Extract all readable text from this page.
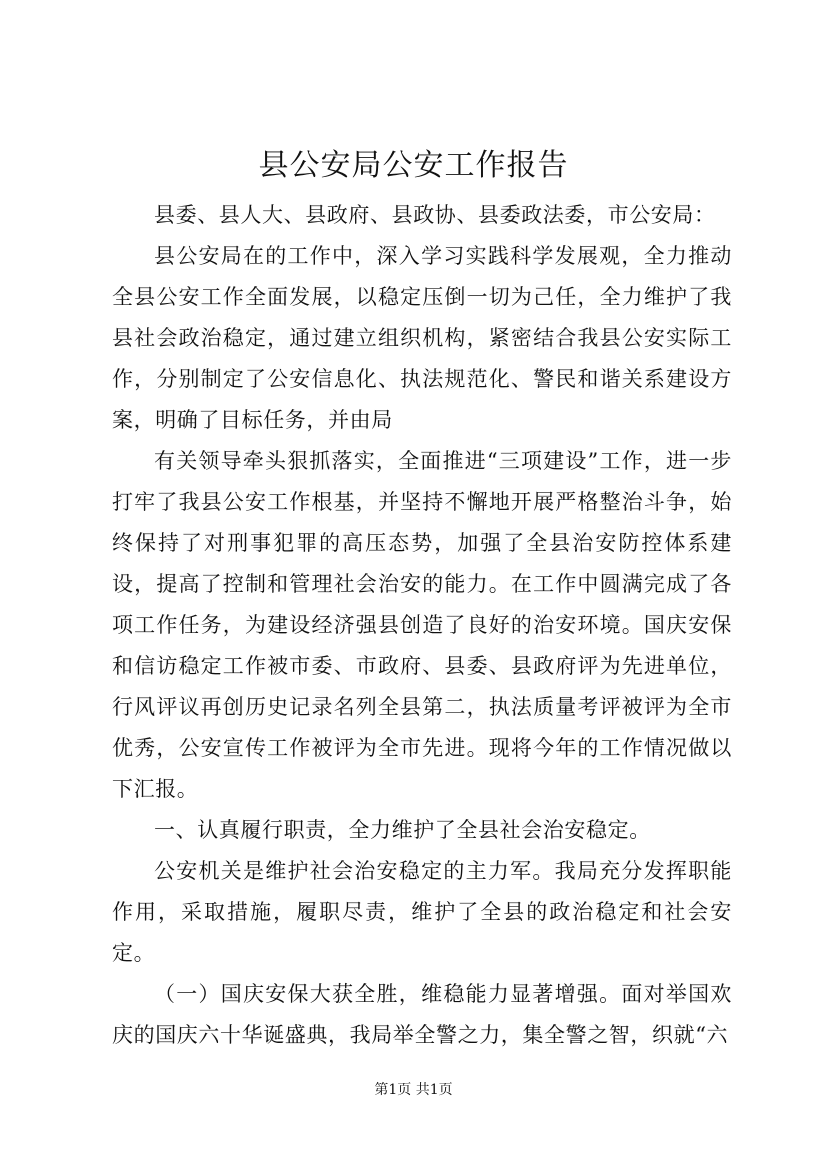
县公安局公安工作报告

县委、县人大、县政府、县政协、县委政法委，市公安局：

县公安局在的工作中，深入学习实践科学发展观，全力推动全县公安工作全面发展，以稳定压倒一切为己任，全力维护了我县社会政治稳定，通过建立组织机构，紧密结合我县公安实际工作，分别制定了公安信息化、执法规范化、警民和谐关系建设方案，明确了目标任务，并由局

有关领导牵头狠抓落实，全面推进“三项建设”工作，进一步打牢了我县公安工作根基，并坚持不懈地开展严格整治斗争，始终保持了对刑事犯罪的高压态势，加强了全县治安防控体系建设，提高了控制和管理社会治安的能力。在工作中圆满完成了各项工作任务，为建设经济强县创造了良好的治安环境。国庆安保和信访稳定工作被市委、市政府、县委、县政府评为先进单位，行风评议再创历史记录名列全县第二，执法质量考评被评为全市优秀，公安宣传工作被评为全市先进。现将今年的工作情况做以下汇报。

一、认真履行职责，全力维护了全县社会治安稳定。

公安机关是维护社会治安稳定的主力军。我局充分发挥职能作用，采取措施，履职尽责，维护了全县的政治稳定和社会安定。

（一）国庆安保大获全胜，维稳能力显著增强。面对举国欢庆的国庆六十华诞盛典，我局举全警之力，集全警之智，织就“六

第1页 共1页
